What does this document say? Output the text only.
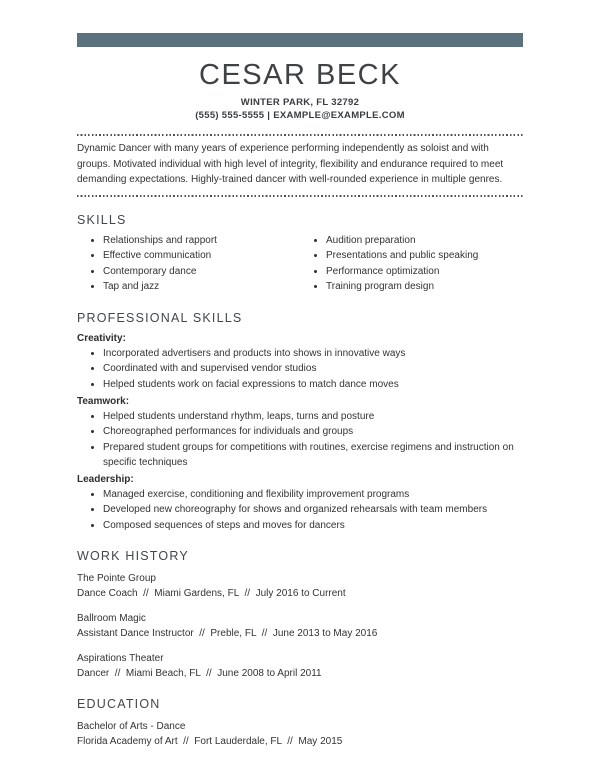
CESAR BECK
WINTER PARK, FL 32792
(555) 555-5555 | EXAMPLE@EXAMPLE.COM
Dynamic Dancer with many years of experience performing independently as soloist and with groups. Motivated individual with high level of integrity, flexibility and endurance required to meet demanding expectations. Highly-trained dancer with well-rounded experience in multiple genres.
SKILLS
• Relationships and rapport
• Effective communication
• Contemporary dance
• Tap and jazz
• Audition preparation
• Presentations and public speaking
• Performance optimization
• Training program design
PROFESSIONAL SKILLS
Creativity:
• Incorporated advertisers and products into shows in innovative ways
• Coordinated with and supervised vendor studios
• Helped students work on facial expressions to match dance moves
Teamwork:
• Helped students understand rhythm, leaps, turns and posture
• Choreographed performances for individuals and groups
• Prepared student groups for competitions with routines, exercise regimens and instruction on specific techniques
Leadership:
• Managed exercise, conditioning and flexibility improvement programs
• Developed new choreography for shows and organized rehearsals with team members
• Composed sequences of steps and moves for dancers
WORK HISTORY
The Pointe Group
Dance Coach  //  Miami Gardens, FL  //  July 2016 to Current
Ballroom Magic
Assistant Dance Instructor  //  Preble, FL  //  June 2013 to May 2016
Aspirations Theater
Dancer  //  Miami Beach, FL  //  June 2008 to April 2011
EDUCATION
Bachelor of Arts - Dance
Florida Academy of Art  //  Fort Lauderdale, FL  //  May 2015
